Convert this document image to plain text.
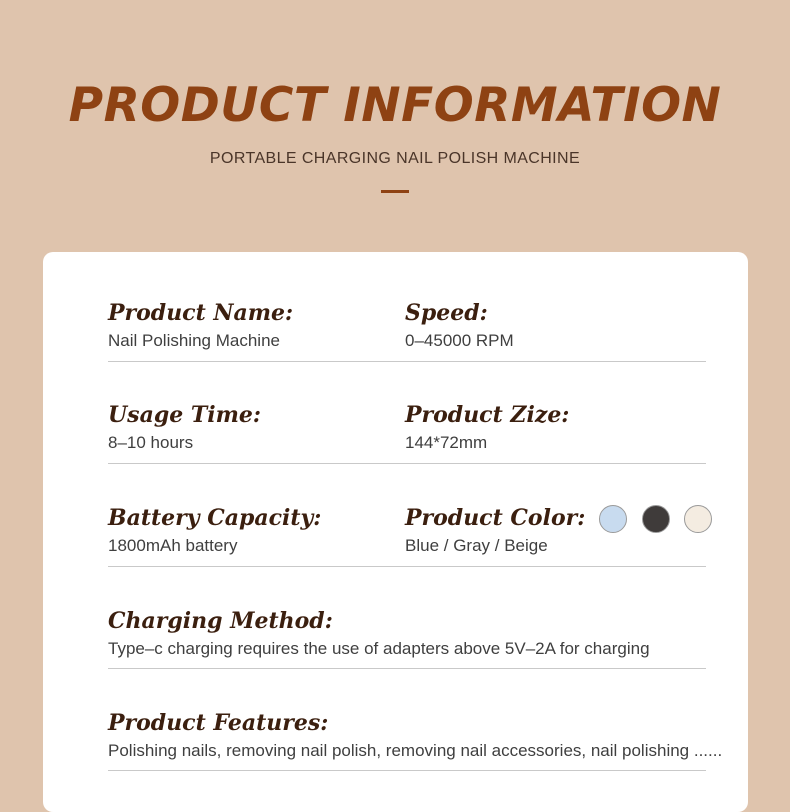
PRODUCT INFORMATION
PORTABLE CHARGING NAIL POLISH MACHINE
Product Name:
Nail Polishing Machine
Speed:
0–45000 RPM
Usage Time:
8–10 hours
Product Zize:
144*72mm
Battery Capacity:
1800mAh battery
Product Color:
Blue / Gray / Beige
Charging Method:
Type–c charging requires the use of adapters above 5V–2A for charging
Product Features:
Polishing nails, removing nail polish, removing nail accessories, nail polishing ......
